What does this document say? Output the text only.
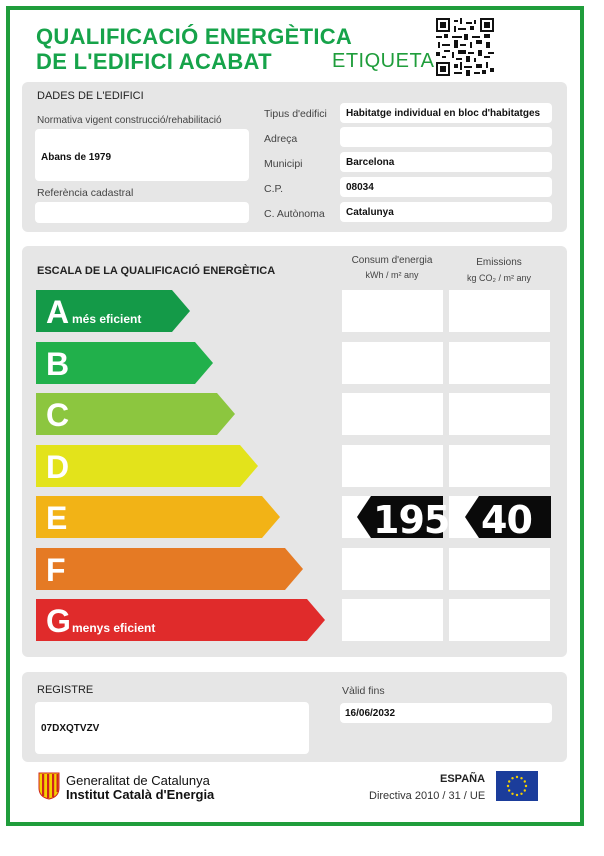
QUALIFICACIÓ ENERGÈTICA
DE L'EDIFICI ACABAT	ETIQUETA
DADES DE L'EDIFICI
Normativa vigent construcció/rehabilitació
Abans de 1979
Referència cadastral
Tipus d'edifici Habitatge individual en bloc d'habitatges
Adreça
Municipi	Barcelona
C.P.	08034
C. Autònoma Catalunya
ESCALA DE LA QUALIFICACIÓ ENERGÈTICA
Consum d'energia
kWh / m² any
Emissions
kg CO₂ / m² any
A més eficient
B
C
D
E	195 40
F
G menys eficient
REGISTRE
07DXQTVZV
Vàlid fins
16/06/2032
Generalitat de Catalunya
Institut Català d'Energia
ESPAÑA
Directiva 2010 / 31 / UE
